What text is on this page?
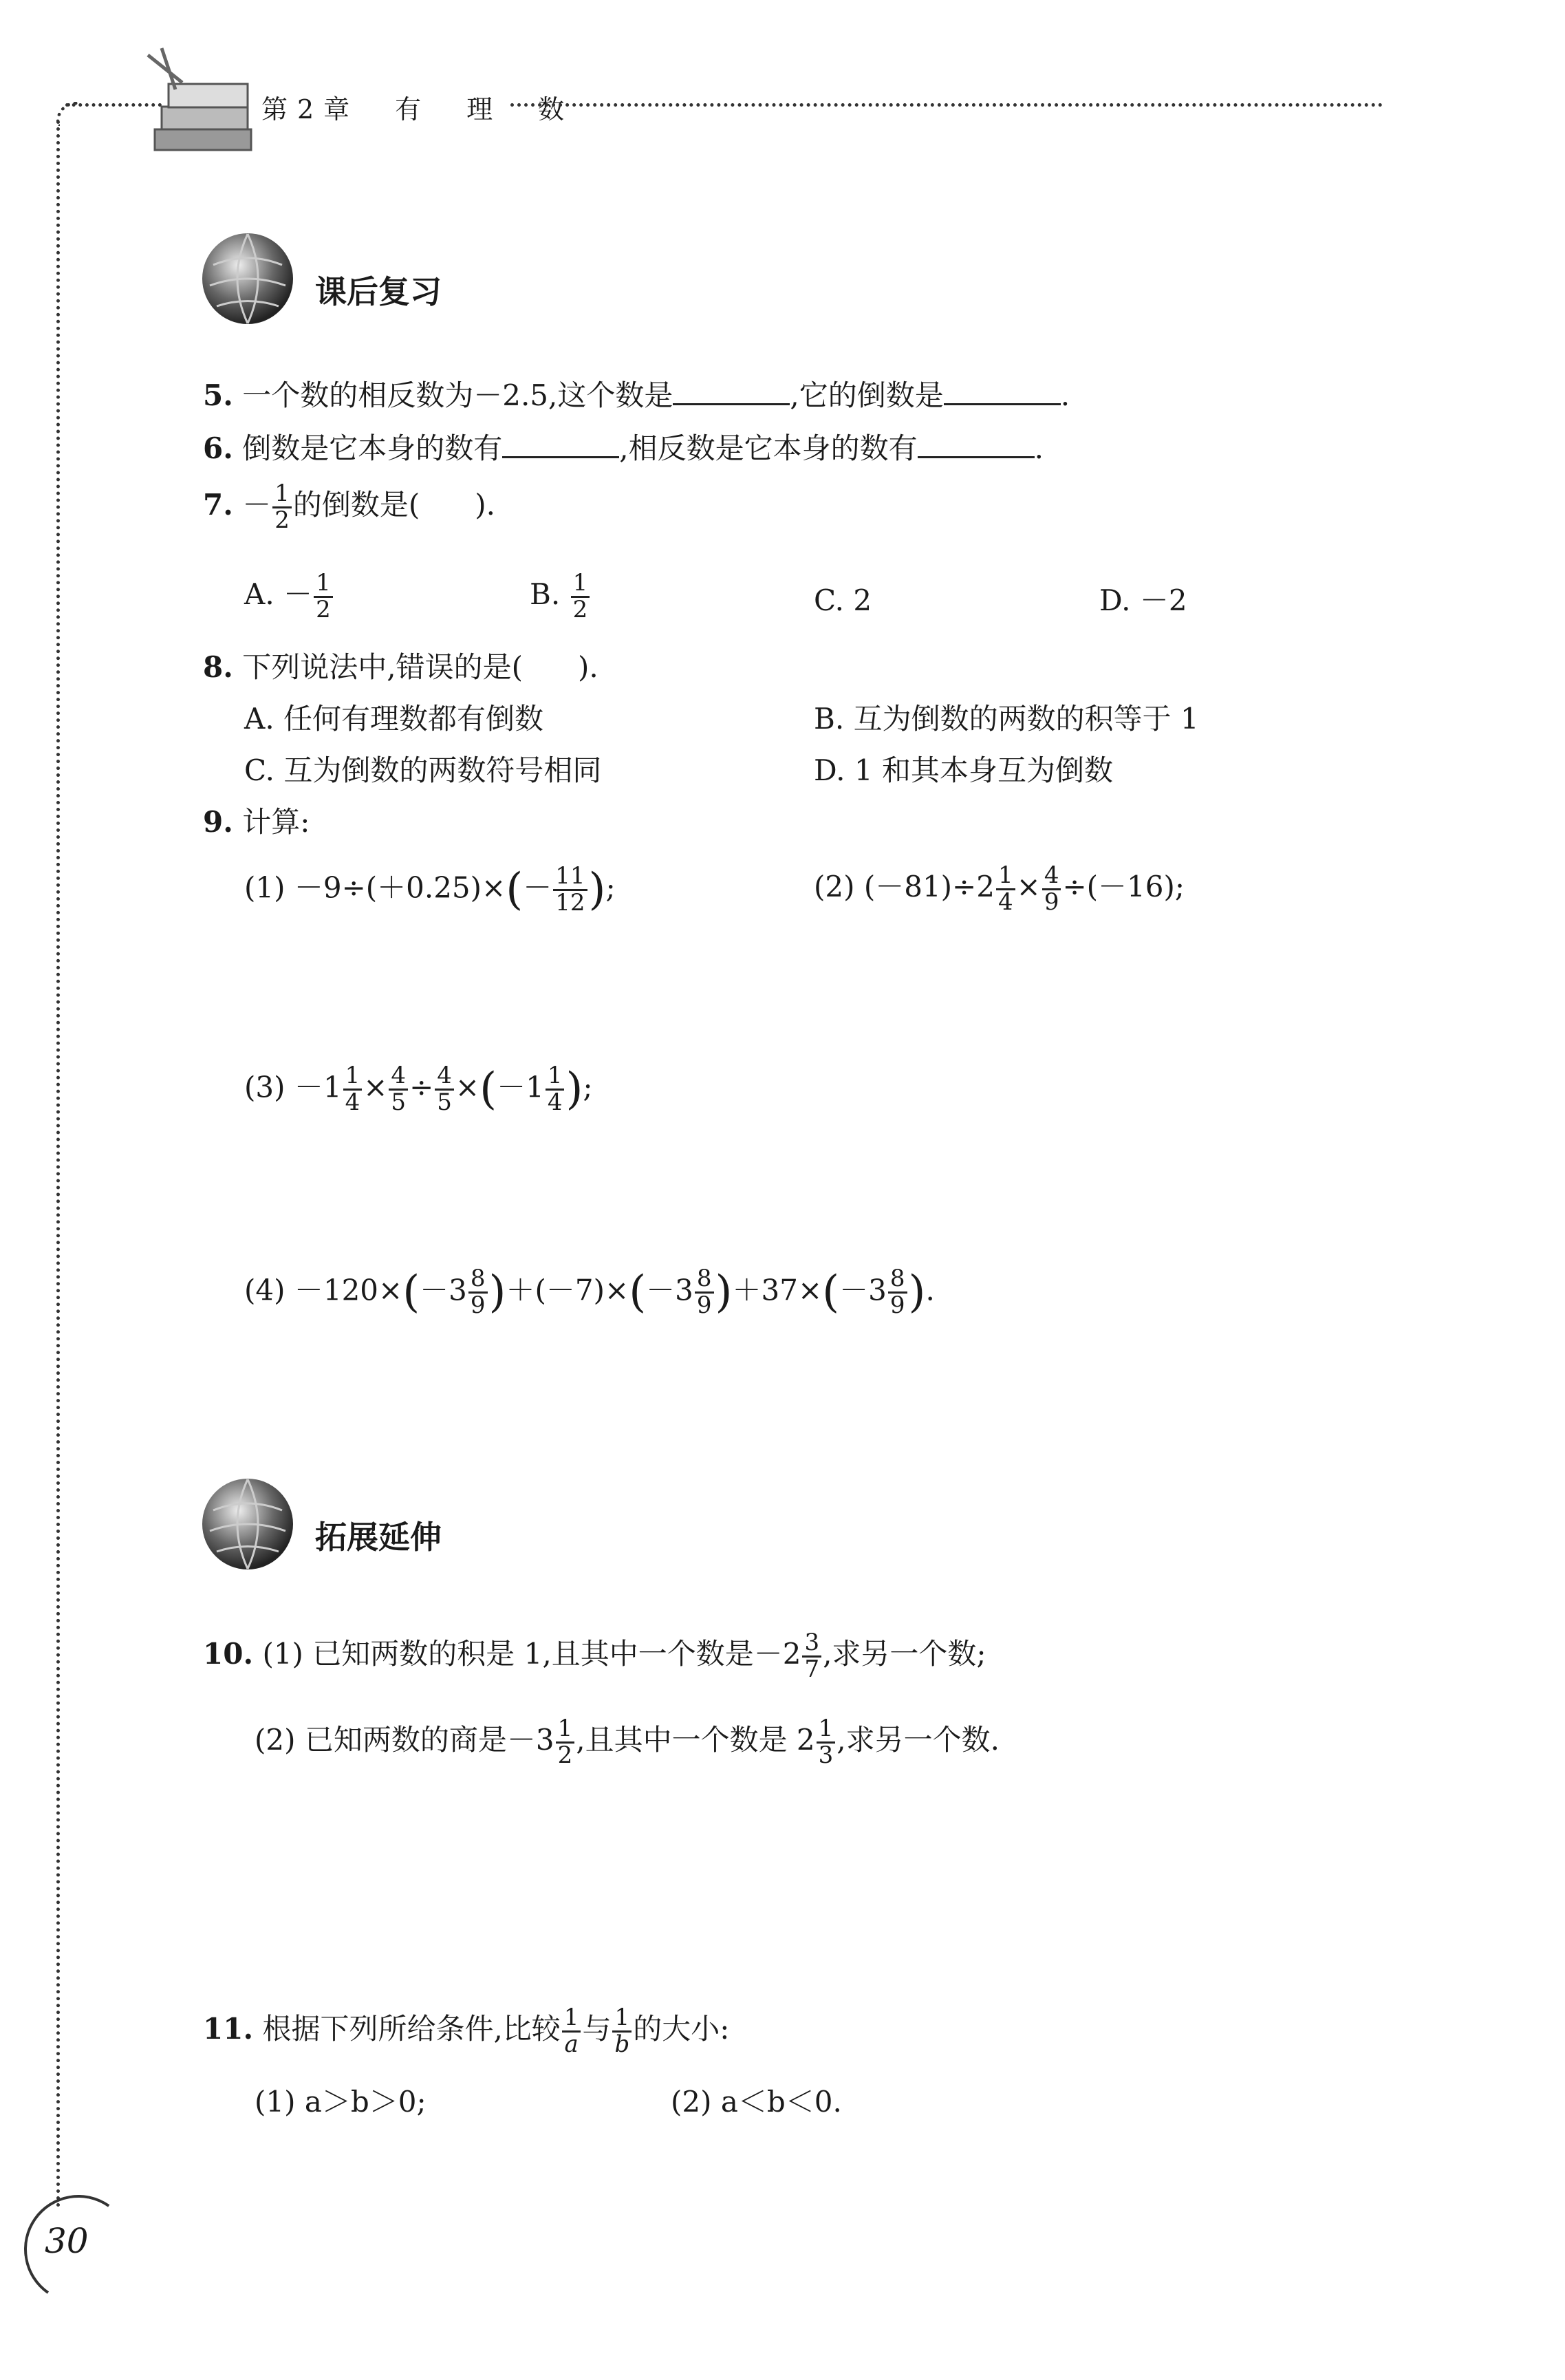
第2章　有　理　数
课后复习
5. 一个数的相反数为－2.5,这个数是	,它的倒数是	.
6. 倒数是它本身的数有	,相反数是它本身的数有	.
7. － $\frac{1}{2}$ 的倒数是( ).
A. － $\frac{1}{2}$	B. $\frac{1}{2}$	C. 2	D. －2
8. 下列说法中,错误的是( ).
A. 任何有理数都有倒数	B. 互为倒数的两数的积等于 1
C. 互为倒数的两数符号相同	D. 1 和其本身互为倒数
9. 计算:
$(1) -9\div(+0.25)\times(- \frac{11}{12}$ );	(2) $(-81)\div 2 \frac{1}{4} \times \frac{4}{9} \div(-16)$;
$(3) -1 \frac{1}{4} \times \frac{4}{5} \div \frac{4}{5} \times(-1 \frac{1}{4}$ );
$(4) -120\times(-3 \frac{8}{9} )+(-7)\times(-3 \frac{8}{9} )+37\times(-3 \frac{8}{9}$ ).
拓展延伸
10. (1) 已知两数的积是 1,且其中一个数是$-2 \frac{3}{7}$ ,求另一个数;
(2) 已知两数的商是$-3 \frac{1}{2}$ ,且其中一个数是 $2 \frac{1}{3}$ ,求另一个数.
11. 根据下列所给条件,比较 $\frac{1}{a}$ 与 $\frac{1}{b}$ 的大小:
(1) a＞b＞0;	(2) a＜b＜0.
30
